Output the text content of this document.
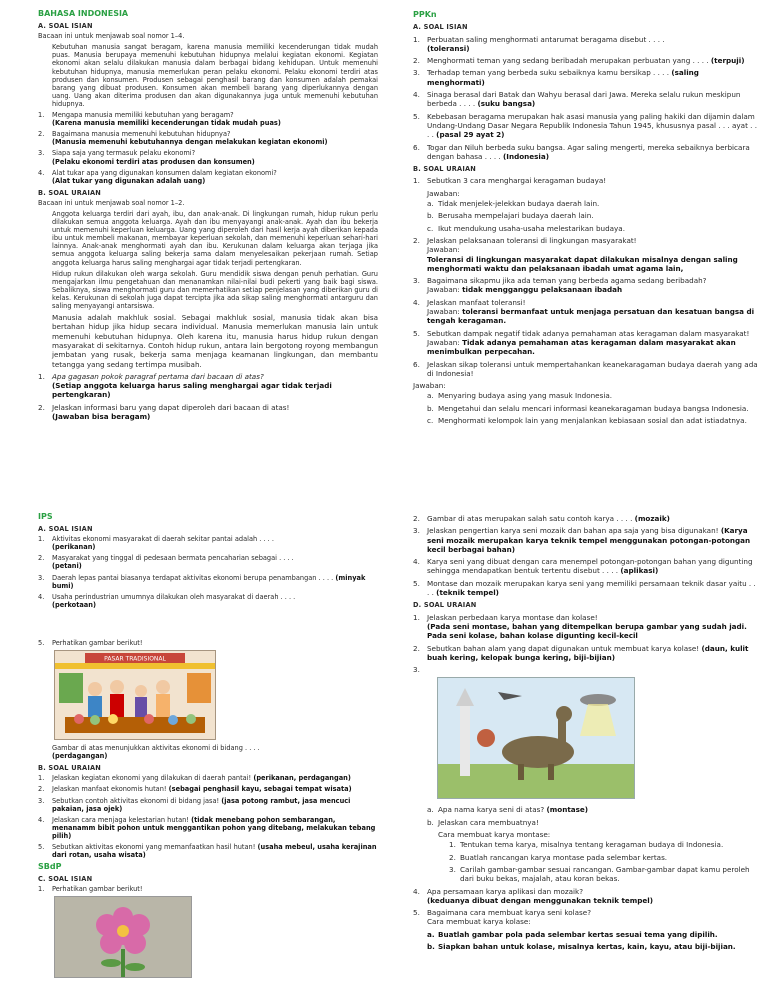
BAHASA INDONESIA
A. SOAL ISIAN

Bacaan ini untuk menjawab soal nomor 1–4.

Kebutuhan manusia sangat beragam, karena manusia memiliki kecenderungan tidak mudah puas. Manusia berupaya memenuhi kebutuhan hidupnya melalui kegiatan ekonomi. Kegiatan ekonomi akan selalu dilakukan manusia dalam berbagai bidang kehidupan. Untuk memenuhi kebutuhan hidupnya, manusia memerlukan peran pelaku ekonomi. Pelaku ekonomi terdiri atas produsen dan konsumen. Produsen sebagai penghasil barang dan konsumen adalah pemakai barang yang dibuat produsen. Konsumen akan membeli barang yang diperlukannya dengan uang. Uang akan diterima produsen dan akan digunakannya juga untuk memenuhi kebutuhan hidupnya.

1.	Mengapa manusia memiliki kebutuhan yang beragam?
(Karena manusia memiliki kecenderungan tidak mudah puas)
2.	Bagaimana manusia memenuhi kebutuhan hidupnya?
(Manusia memenuhi kebutuhannya dengan melakukan kegiatan ekonomi)
3.	Siapa saja yang termasuk pelaku ekonomi?
(Pelaku ekonomi terdiri atas produsen dan konsumen)
4.	Alat tukar apa yang digunakan konsumen dalam kegiatan ekonomi?
(Alat tukar yang digunakan adalah uang)
B. SOAL URAIAN

Bacaan ini untuk menjawab soal nomor 1–2.

Anggota keluarga terdiri dari ayah, ibu, dan anak-anak. Di lingkungan rumah, hidup rukun perlu dilakukan semua anggota keluarga. Ayah dan ibu menyayangi anak-anak. Ayah dan ibu bekerja untuk memenuhi keperluan keluarga. Uang yang diperoleh dari hasil kerja ayah diberikan kepada ibu untuk membeli makanan, membayar keperluan sekolah, dan memenuhi keperluan sehari-hari lainnya. Anak-anak menghormati ayah dan ibu. Kerukunan dalam keluarga akan terjaga jika semua anggota keluarga saling bekerja sama dalam menyelesaikan pekerjaan rumah. Setiap anggota keluarga harus saling menghargai agar tidak terjadi pertengkaran.

Hidup rukun dilakukan oleh warga sekolah. Guru mendidik siswa dengan penuh perhatian. Guru mengajarkan ilmu pengetahuan dan menanamkan nilai-nilai budi pekerti yang baik bagi siswa. Sebaliknya, siswa menghormati guru dan memerhatikan setiap penjelasan yang diberikan guru di kelas. Kerukunan di sekolah juga dapat tercipta jika ada sikap saling menghormati antarguru dan saling menyayangi antarsiswa.

Manusia adalah makhluk sosial. Sebagai makhluk sosial, manusia tidak akan bisa bertahan hidup jika hidup secara individual. Manusia memerlukan manusia lain untuk memenuhi kebutuhan hidupnya. Oleh karena itu, manusia harus hidup rukun dengan masyarakat di sekitarnya. Contoh hidup rukun, antara lain bergotong royong membangun jembatan yang rusak, bekerja sama menjaga keamanan lingkungan, dan membantu tetangga yang sedang tertimpa musibah.

1. Apa gagasan pokok paragraf pertama dari bacaan di atas?
(Setiap anggota keluarga harus saling menghargai agar tidak terjadi pertengkaran)
2. Jelaskan informasi baru yang dapat diperoleh dari bacaan di atas!
(Jawaban bisa beragam)
PPKn
A. SOAL ISIAN
1. Perbuatan saling menghormati antarumat beragama disebut . . . .
(toleransi)
2. Menghormati teman yang sedang beribadah merupakan perbuatan yang . . . . (terpuji)
3. Terhadap teman yang berbeda suku sebaiknya kamu bersikap . . . . (saling menghormati)
4. Sinaga berasal dari Batak dan Wahyu berasal dari Jawa. Mereka selalu rukun meskipun berbeda . . . . (suku bangsa)
5. Kebebasan beragama merupakan hak asasi manusia yang paling hakiki dan dijamin dalam Undang-Undang Dasar Negara Republik Indonesia Tahun 1945, khususnya pasal . . . ayat . . . . (pasal 29 ayat 2)
6. Togar dan Niluh berbeda suku bangsa. Agar saling mengerti, mereka sebaiknya berbicara dengan bahasa . . . . (Indonesia)
B. SOAL URAIAN
1. Sebutkan 3 cara menghargai keragaman budaya!
Jawaban:
a. Tidak menjelek-jelekkan budaya daerah lain.
b. Berusaha mempelajari budaya daerah lain.
c. Ikut mendukung usaha-usaha melestarikan budaya.
2. Jelaskan pelaksanaan toleransi di lingkungan masyarakat!
Jawaban:
Toleransi di lingkungan masyarakat dapat dilakukan misalnya dengan saling menghormati waktu dan pelaksanaan ibadah umat agama lain,
3. Bagaimana sikapmu jika ada teman yang berbeda agama sedang beribadah?
Jawaban: tidak mengganggu pelaksanaan ibadah
4. Jelaskan manfaat toleransi!
Jawaban: toleransi bermanfaat untuk menjaga persatuan dan kesatuan bangsa di tengah keragaman.
5. Sebutkan dampak negatif tidak adanya pemahaman atas keragaman dalam masyarakat!
Jawaban: Tidak adanya pemahaman atas keragaman dalam masyarakat akan menimbulkan perpecahan.
6. Jelaskan sikap toleransi untuk mempertahankan keanekaragaman budaya daerah yang ada di Indonesia!
Jawaban:
a. Menyaring budaya asing yang masuk Indonesia.
b. Mengetahui dan selalu mencari informasi keanekaragaman budaya bangsa Indonesia.
c. Menghormati kelompok lain yang menjalankan kebiasaan sosial dan adat istiadatnya.
IPS
A. SOAL ISIAN
1.	Aktivitas ekonomi masyarakat di daerah sekitar pantai adalah . . . .
(perikanan)
2.	Masyarakat yang tinggal di pedesaan bermata pencaharian sebagai . . . .
(petani)
3.	Daerah lepas pantai biasanya terdapat aktivitas ekonomi berupa penambangan . . . . (minyak bumi)
4.	Usaha perindustrian umumnya dilakukan oleh masyarakat di daerah . . . .
(perkotaan)
5.	Perhatikan gambar berikut!
PASAR TRADISIONAL
Gambar di atas menunjukkan aktivitas ekonomi di bidang . . . .
(perdagangan)
B. SOAL URAIAN
1.	Jelaskan kegiatan ekonomi yang dilakukan di daerah pantai! (perikanan, perdagangan)
2.	Jelaskan manfaat ekonomis hutan! (sebagai penghasil kayu, sebagai tempat wisata)
3.	Sebutkan contoh aktivitas ekonomi di bidang jasa! (jasa potong rambut, jasa mencuci pakaian, jasa ojek)
4.	Jelaskan cara menjaga kelestarian hutan! (tidak menebang pohon sembarangan, menanamm bibit pohon untuk menggantikan pohon yang ditebang, melakukan tebang pilih)
5.	Sebutkan aktivitas ekonomi yang memanfaatkan hasil hutan! (usaha mebeul, usaha kerajinan dari rotan, usaha wisata)
SBdP
C. SOAL ISIAN
1.	Perhatikan gambar berikut!
2. Gambar di atas merupakan salah satu contoh karya . . . . (mozaik)
3. Jelaskan pengertian karya seni mozaik dan bahan apa saja yang bisa digunakan! (Karya seni mozaik merupakan karya teknik tempel menggunakan potongan-potongan kecil berbagai bahan)
4. Karya seni yang dibuat dengan cara menempel potongan-potongan bahan yang digunting sehingga mendapatkan bentuk tertentu disebut . . . . (aplikasi)
5. Montase dan mozaik merupakan karya seni yang memiliki persamaan teknik dasar yaitu . . . . (teknik tempel)
D. SOAL URAIAN
1. Jelaskan perbedaan karya montase dan kolase!
(Pada seni montase, bahan yang ditempelkan berupa gambar yang sudah jadi. Pada seni kolase, bahan kolase digunting kecil-kecil
2. Sebutkan bahan alam yang dapat digunakan untuk membuat karya kolase! (daun, kulit buah kering, kelopak bunga kering, biji-bijian)
3.
a. Apa nama karya seni di atas? (montase)
b. Jelaskan cara membuatnya!
Cara membuat karya montase:
1. Tentukan tema karya, misalnya tentang keragaman budaya di Indonesia.
2. Buatlah rancangan karya montase pada selembar kertas.
3. Carilah gambar-gambar sesuai rancangan. Gambar-gambar dapat kamu peroleh dari buku bekas, majalah, atau koran bekas.
4. Apa persamaan karya aplikasi dan mozaik?
(keduanya dibuat dengan menggunakan teknik tempel)
5. Bagaimana cara membuat karya seni kolase?
Cara membuat karya kolase:
a. Buatlah gambar pola pada selembar kertas sesuai tema yang dipilih.
b. Siapkan bahan untuk kolase, misalnya kertas, kain, kayu, atau biji-bijian.
